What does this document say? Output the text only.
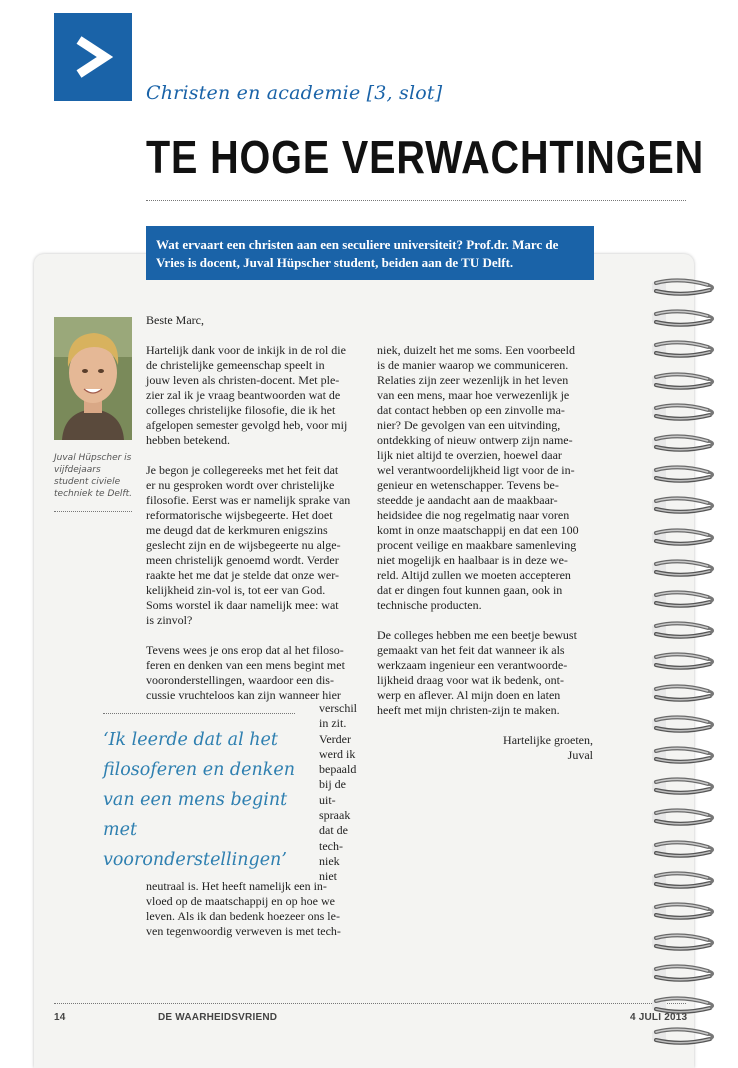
Christen en academie [3, slot]
TE HOGE VERWACHTINGEN
Wat ervaart een christen aan een seculiere universiteit? Prof.dr. Marc de Vries is docent, Juval Hüpscher student, beiden aan de TU Delft.
Juval Hüpscher is vijfdejaars student civiele techniek te Delft.

Beste Marc,

Hartelijk dank voor de inkijk in de rol die
de christelijke gemeenschap speelt in
jouw leven als christen-docent. Met ple-
zier zal ik je vraag beantwoorden wat de
colleges christelijke filosofie, die ik het
afgelopen semester gevolgd heb, voor mij
hebben betekend.

Je begon je collegereeks met het feit dat
er nu gesproken wordt over christelijke
filosofie. Eerst was er namelijk sprake van
reformatorische wijsbegeerte. Het doet
me deugd dat de kerkmuren enigszins
geslecht zijn en de wijsbegeerte nu alge-
meen christelijk genoemd wordt. Verder
raakte het me dat je stelde dat onze wer-
kelijkheid zin-vol is, tot eer van God.
Soms worstel ik daar namelijk mee: wat
is zinvol?

Tevens wees je ons erop dat al het filoso-
feren en denken van een mens begint met
vooronderstellingen, waardoor een dis-
cussie vruchteloos kan zijn wanneer hier

‘Ik leerde dat al het
filosoferen en denken
van een mens begint
met vooronderstellingen’
verschil
in zit.
Verder
werd ik
bepaald
bij de
uit-
spraak
dat de
tech-
niek
niet
neutraal is. Het heeft namelijk een in-
vloed op de maatschappij en op hoe we
leven. Als ik dan bedenk hoezeer ons le-
ven tegenwoordig verweven is met tech-

niek, duizelt het me soms. Een voorbeeld
is de manier waarop we communiceren.
Relaties zijn zeer wezenlijk in het leven
van een mens, maar hoe verwezenlijk je
dat contact hebben op een zinvolle ma-
nier? De gevolgen van een uitvinding,
ontdekking of nieuw ontwerp zijn name-
lijk niet altijd te overzien, hoewel daar
wel verantwoordelijkheid ligt voor de in-
genieur en wetenschapper. Tevens be-
steedde je aandacht aan de maakbaar-
heidsidee die nog regelmatig naar voren
komt in onze maatschappij en dat een 100
procent veilige en maakbare samenleving
niet mogelijk en haalbaar is in deze we-
reld. Altijd zullen we moeten accepteren
dat er dingen fout kunnen gaan, ook in
technische producten.

De colleges hebben me een beetje bewust
gemaakt van het feit dat wanneer ik als
werkzaam ingenieur een verantwoorde-
lijkheid draag voor wat ik bedenk, ont-
werp en aflever. Al mijn doen en laten
heeft met mijn christen-zijn te maken.

Hartelijke groeten,
Juval
14	DE WAARHEIDSVRIEND	4 JULI 2013
